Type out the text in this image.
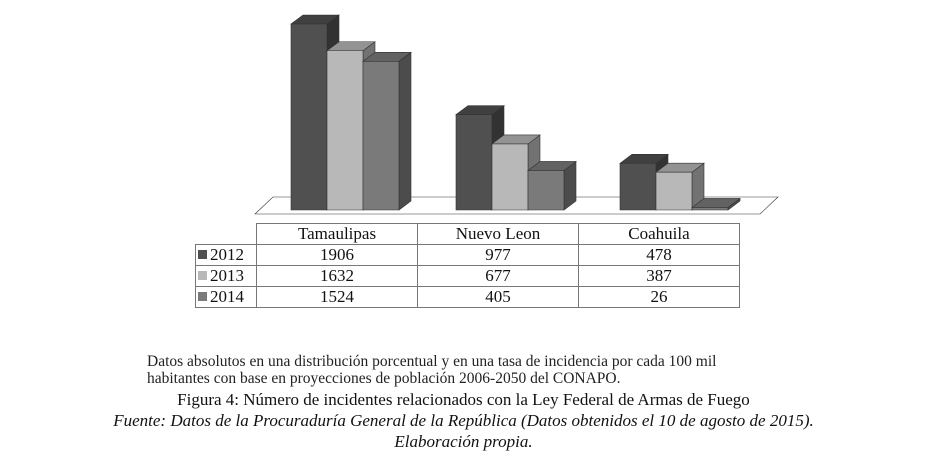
	Tamaulipas	Nuevo Leon	Coahuila
2012	1906	977	478
2013	1632	677	387
2014	1524	405	26
Datos absolutos en una distribución porcentual y en una tasa de incidencia por cada 100 mil
habitantes con base en proyecciones de población 2006-2050 del CONAPO.
Figura 4: Número de incidentes relacionados con la Ley Federal de Armas de Fuego
Fuente: Datos de la Procuraduría General de la República (Datos obtenidos el 10 de agosto de 2015).
Elaboración propia.
